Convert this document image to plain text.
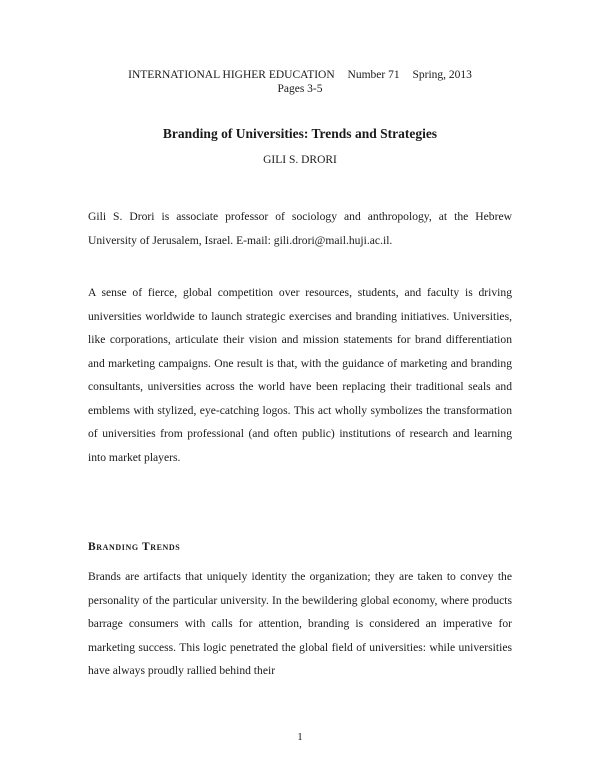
INTERNATIONAL HIGHER EDUCATION Number 71 Spring, 2013
Pages 3-5
Branding of Universities: Trends and Strategies
GILI S. DRORI
Gili S. Drori is associate professor of sociology and anthropology, at the Hebrew University of Jerusalem, Israel. E-mail: gili.drori@mail.huji.ac.il.
A sense of fierce, global competition over resources, students, and faculty is driving universities worldwide to launch strategic exercises and branding initiatives. Universities, like corporations, articulate their vision and mission statements for brand differentiation and marketing campaigns. One result is that, with the guidance of marketing and branding consultants, universities across the world have been replacing their traditional seals and emblems with stylized, eye-catching logos. This act wholly symbolizes the transformation of universities from professional (and often public) institutions of research and learning into market players.
Branding Trends
Brands are artifacts that uniquely identity the organization; they are taken to convey the personality of the particular university. In the bewildering global economy, where products barrage consumers with calls for attention, branding is considered an imperative for marketing success. This logic penetrated the global field of universities: while universities have always proudly rallied behind their
1
